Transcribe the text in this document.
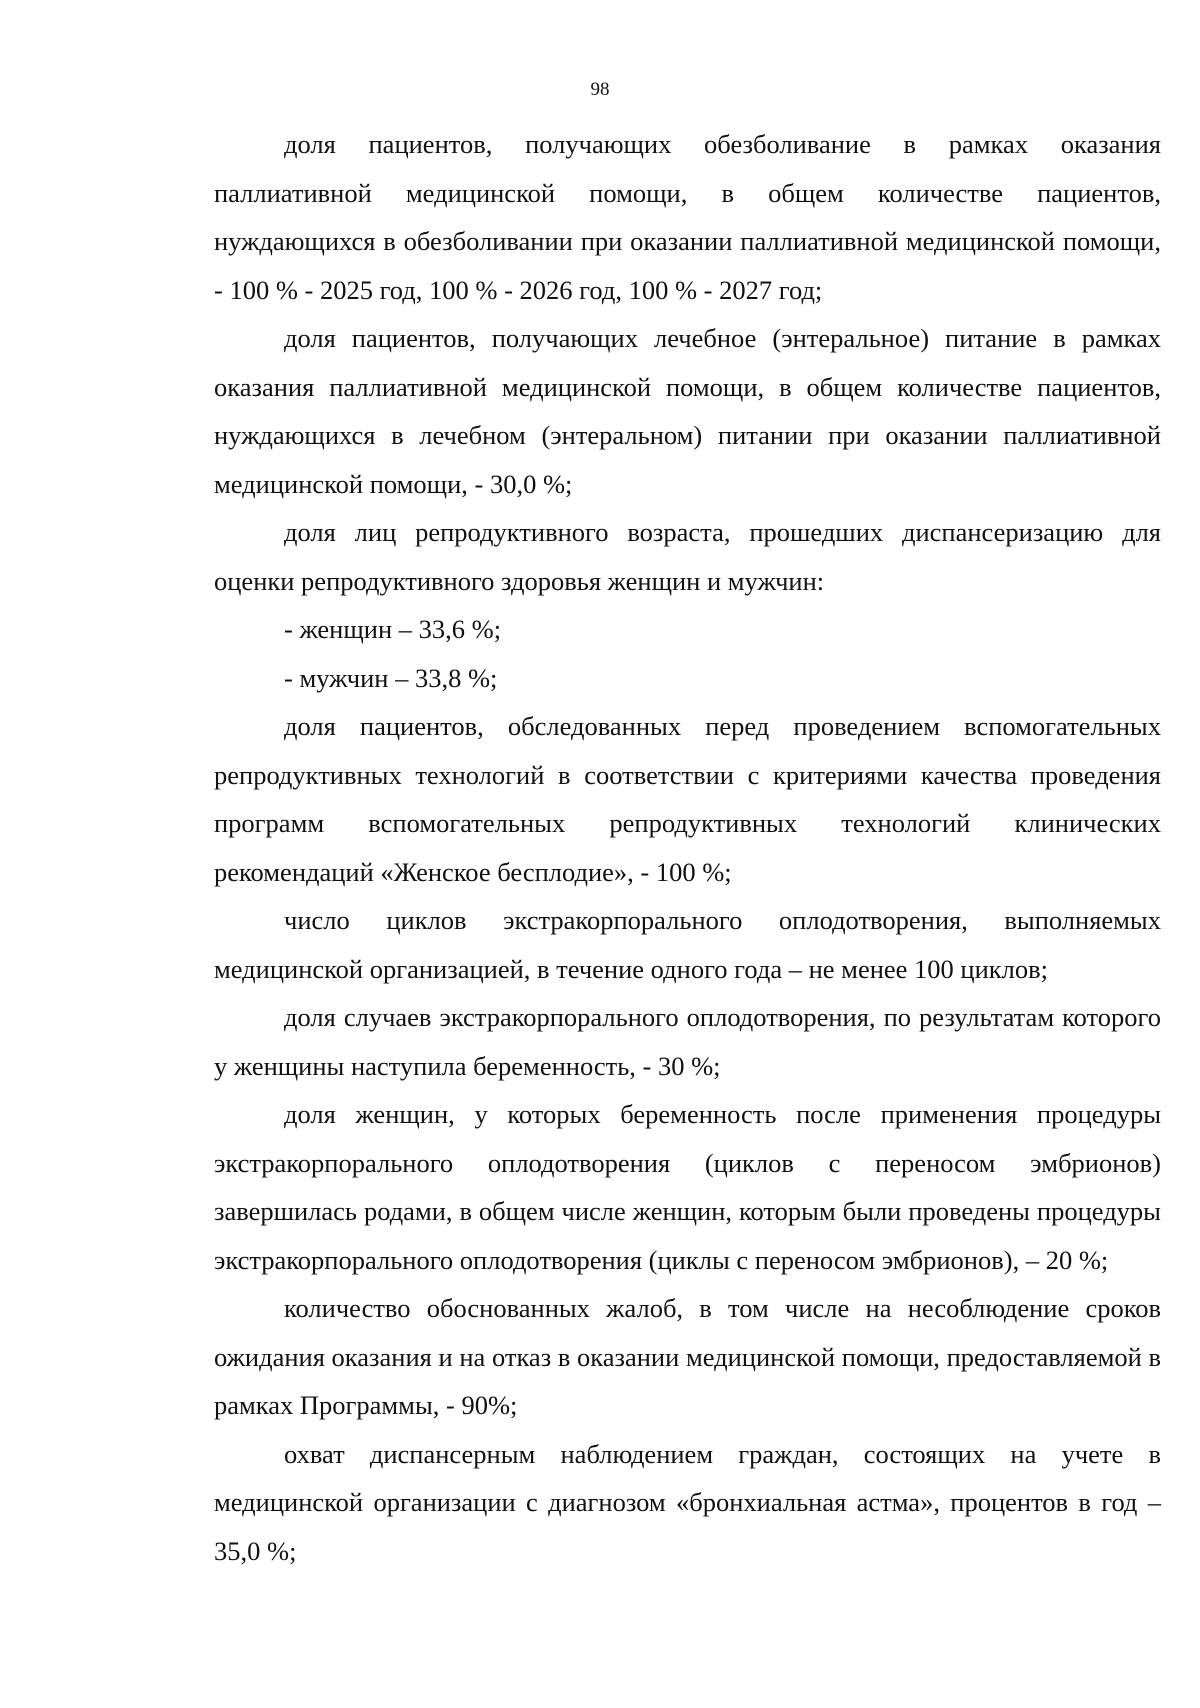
98

доля пациентов, получающих обезболивание в рамках оказания паллиативной медицинской помощи, в общем количестве пациентов, нуждающихся в обезболивании при оказании паллиативной медицинской помощи, - 100 % - 2025 год, 100 % - 2026 год, 100 % - 2027 год;

доля пациентов, получающих лечебное (энтеральное) питание в рамках оказания паллиативной медицинской помощи, в общем количестве пациентов, нуждающихся в лечебном (энтеральном) питании при оказании паллиативной медицинской помощи, - 30,0 %;

доля лиц репродуктивного возраста, прошедших диспансеризацию для оценки репродуктивного здоровья женщин и мужчин:

- женщин – 33,6 %;

- мужчин – 33,8 %;

доля пациентов, обследованных перед проведением вспомогательных репродуктивных технологий в соответствии с критериями качества проведения программ вспомогательных репродуктивных технологий клинических рекомендаций «Женское бесплодие», - 100 %;

число циклов экстракорпорального оплодотворения, выполняемых медицинской организацией, в течение одного года – не менее 100 циклов;

доля случаев экстракорпорального оплодотворения, по результатам которого у женщины наступила беременность, - 30 %;

доля женщин, у которых беременность после применения процедуры экстракорпорального оплодотворения (циклов с переносом эмбрионов) завершилась родами, в общем числе женщин, которым были проведены процедуры экстракорпорального оплодотворения (циклы с переносом эмбрионов), – 20 %;

количество обоснованных жалоб, в том числе на несоблюдение сроков ожидания оказания и на отказ в оказании медицинской помощи, предоставляемой в рамках Программы, - 90%;

охват диспансерным наблюдением граждан, состоящих на учете в медицинской организации с диагнозом «бронхиальная астма», процентов в год – 35,0 %;
